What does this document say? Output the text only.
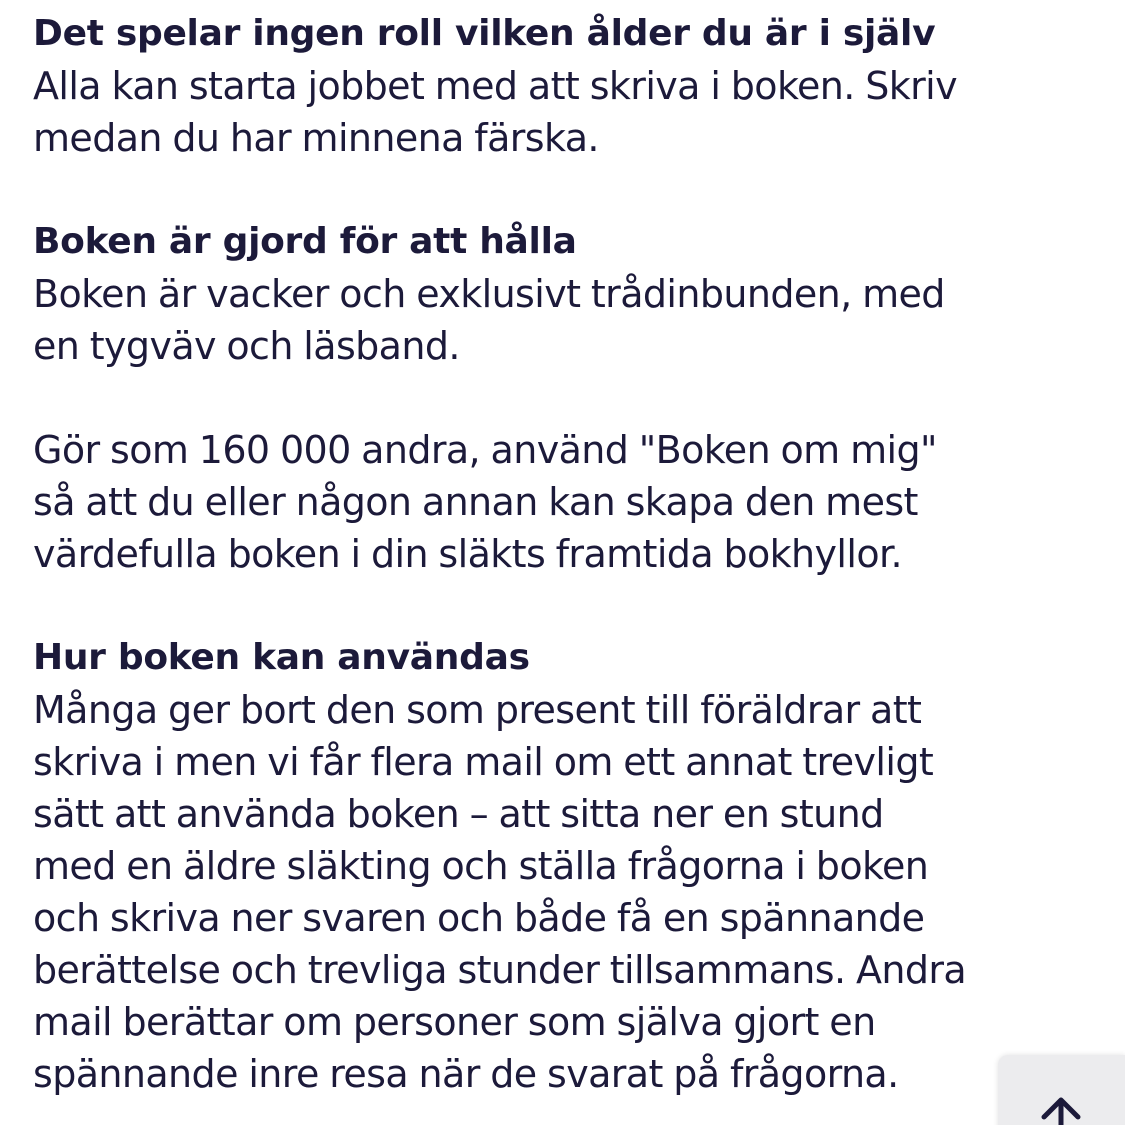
Det spelar ingen roll vilken ålder du är i själv

Alla kan starta jobbet med att skriva i boken. Skriv
medan du har minnena färska.

Boken är gjord för att hålla

Boken är vacker och exklusivt trådinbunden, med
en tygväv och läsband.

Gör som 160 000 andra, använd "Boken om mig"
så att du eller någon annan kan skapa den mest
värdefulla boken i din släkts framtida bokhyllor.

Hur boken kan användas

Många ger bort den som present till föräldrar att
skriva i men vi får flera mail om ett annat trevligt
sätt att använda boken – att sitta ner en stund
med en äldre släkting och ställa frågorna i boken
och skriva ner svaren och både få en spännande
berättelse och trevliga stunder tillsammans. Andra
mail berättar om personer som själva gjort en
spännande inre resa när de svarat på frågorna.
